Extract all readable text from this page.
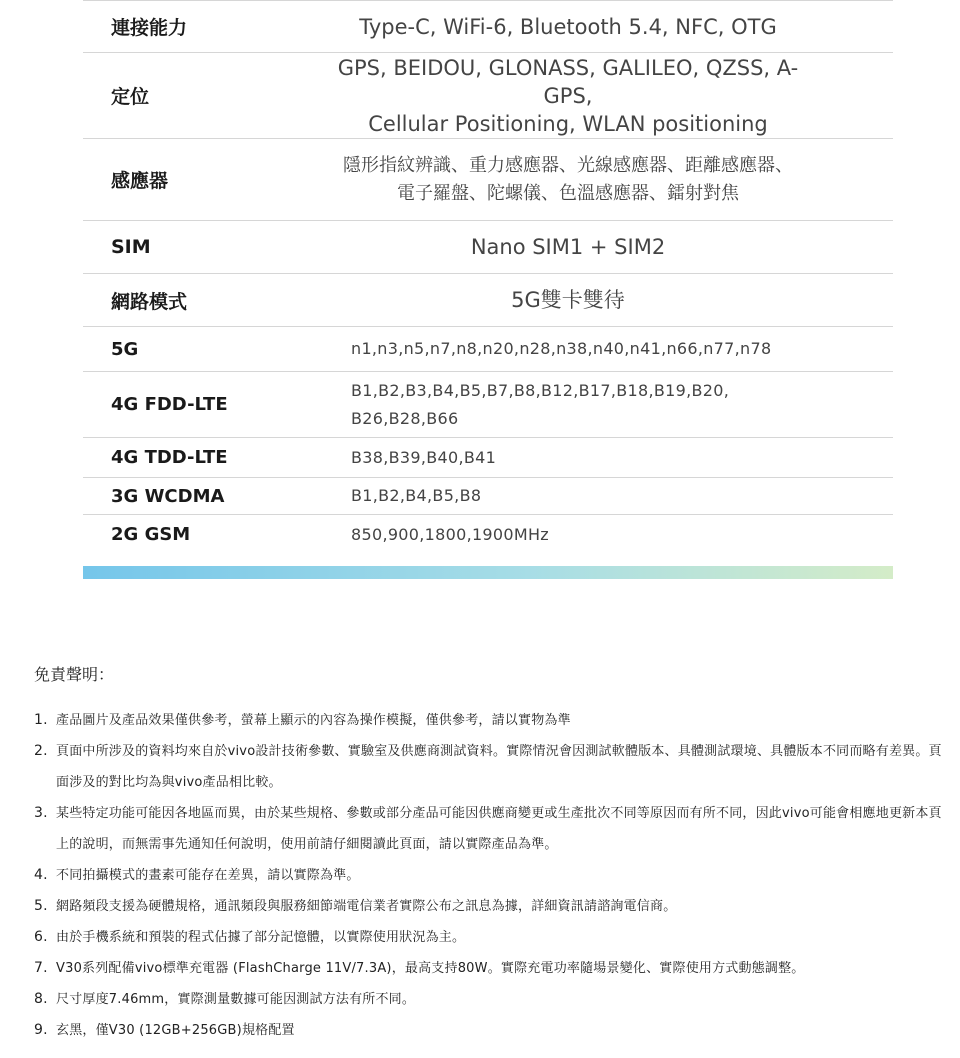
連接能力	Type-C, WiFi-6, Bluetooth 5.4, NFC, OTG
定位	GPS, BEIDOU, GLONASS, GALILEO, QZSS, A-GPS,
Cellular Positioning, WLAN positioning

感應器	隱形指紋辨識、重力感應器、光線感應器、距離感應器、
電子羅盤、陀螺儀、色溫感應器、鐳射對焦

SIM	Nano SIM1 + SIM2
網路模式	5G雙卡雙待
5G	n1,n3,n5,n7,n8,n20,n28,n38,n40,n41,n66,n77,n78
4G FDD-LTE	B1,B2,B3,B4,B5,B7,B8,B12,B17,B18,B19,B20,
B26,B28,B66

4G TDD-LTE	B38,B39,B40,B41
3G WCDMA	B1,B2,B4,B5,B8
2G GSM	850,900,1800,1900MHz
免責聲明：
1. 產品圖片及產品效果僅供參考，螢幕上顯示的內容為操作模擬，僅供參考，請以實物為準
2. 頁面中所涉及的資料均來自於vivo設計技術參數、實驗室及供應商測試資料。實際情況會因測試軟體版本、具體測試環境、具體版本不同而略有差異。頁面涉及的對比均為與vivo產品相比較。
3. 某些特定功能可能因各地區而異，由於某些規格、參數或部分產品可能因供應商變更或生產批次不同等原因而有所不同，因此vivo可能會相應地更新本頁上的說明，而無需事先通知任何說明，使用前請仔細閱讀此頁面，請以實際產品為準。
4. 不同拍攝模式的畫素可能存在差異，請以實際為準。
5. 網路頻段支援為硬體規格，通訊頻段與服務細節端電信業者實際公布之訊息為據，詳細資訊請諮詢電信商。
6. 由於手機系統和預裝的程式佔據了部分記憶體，以實際使用狀況為主。
7. V30系列配備vivo標準充電器 (FlashCharge 11V/7.3A)，最高支持80W。實際充電功率隨場景變化、實際使用方式動態調整。
8. 尺寸厚度7.46mm，實際測量數據可能因測試方法有所不同。
9. 玄黑，僅V30 (12GB+256GB)規格配置
